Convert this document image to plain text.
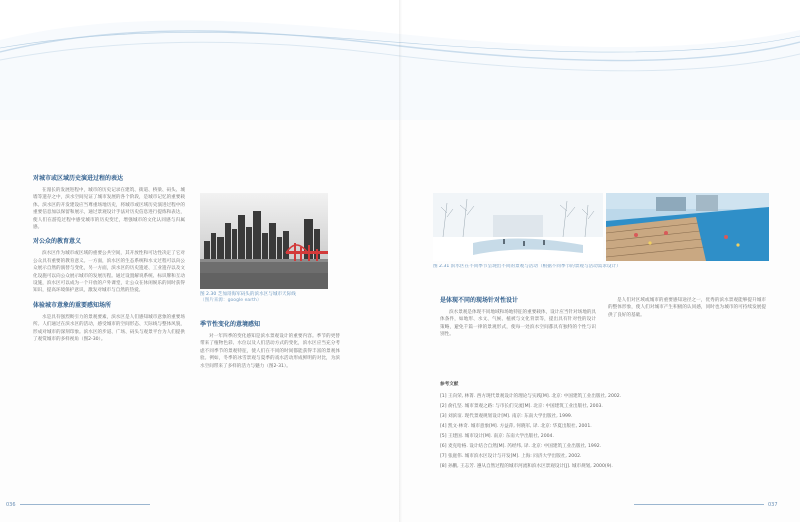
对城市或区域历史演进过程的表达

在漫长的发展进程中，城市的历史记录在建筑、街道、桥梁、码头、城墙等遗存之中，滨水空间见证了城市发展的各个阶段，是城市记忆的重要载体。滨水区的开发建设应当尊重场地历史，将城市或区域历史演进过程中的重要信息加以保留和展示，通过景观设计手法对历史信息进行提炼和表达，使人们在游览过程中感受城市的历史变迁，增强城市的文化认同感与归属感。

对公众的教育意义

滨水区作为城市或区域的重要公共空间，其开放性和可达性决定了它对公众具有重要的教育意义。一方面，滨水区的生态系统和水文过程可以向公众展示自然的演替与变化，另一方面，滨水区的历史遗迹、工业遗存以及文化设施可以向公众展示城市的发展历程。通过设置解说系统、标识牌和互动设施，滨水区可以成为一个开放的户外课堂，让公众在休闲娱乐的同时获得知识，提高环境保护意识，激发对城市与自然的热爱。

体验城市意象的重要感知场所

水是具有强烈吸引力的景观要素，滨水区是人们感知城市意象的重要场所。人们通过在滨水区的活动，感受城市的空间形态、天际线与整体风貌，形成对城市的深刻印象。滨水区的步道、广场、码头与观景平台为人们提供了观赏城市的多样视角（图2-30）。

图 2.30 芝加哥海军码头的滨水区与城市天际线
（图片来源：google earth）
季节性变化的意境感知

对一年四季的变化感知是滨水景观设计的重要内容。季节的更替带来了植物色彩、水位以及人们活动方式的变化，滨水区应当充分考虑不同季节的景观特征，使人们在不同的时间都能获得丰富的景观体验。例如，冬季的冰雪景观与夏季的戏水活动形成鲜明的对比，为滨水空间带来了多样的活力与魅力（图2-31）。

图 2.31 滨水区在不同季节呈现出不同的景观与活动（根据不同季节的景观与活动需求设计）
是体现不同的现场针对性设计

滨水景观是体现不同地域和场地特征的重要载体，设计应当针对场地的具体条件，如地形、水文、气候、植被与文化背景等，提出具有针对性的设计策略，避免千篇一律的景观形式，使每一处滨水空间都具有独特的个性与识别性。

是人们对区域或城市的重要感知途径之一，优秀的滨水景观能够提升城市的整体形象，使人们对城市产生积极的认同感，同时也为城市的可持续发展提供了良好的基础。

参考文献
[1] 王向荣, 林箐. 西方现代景观设计的理论与实践[M]. 北京: 中国建筑工业出版社, 2002.
[2] 俞孔坚. 城市景观之路: 与市长们交流[M]. 北京: 中国建筑工业出版社, 2003.
[3] 刘滨谊. 现代景观规划设计[M]. 南京: 东南大学出版社, 1999.
[4] 凯文·林奇. 城市意象[M]. 方益萍, 何晓军, 译. 北京: 华夏出版社, 2001.
[5] 王建国. 城市设计[M]. 南京: 东南大学出版社, 2004.
[6] 麦克哈格. 设计结合自然[M]. 芮经纬, 译. 北京: 中国建筑工业出版社, 1992.
[7] 张庭伟. 城市滨水区设计与开发[M]. 上海: 同济大学出版社, 2002.
[8] 孙鹏, 王志芳. 遵从自然过程的城市河流和滨水区景观设计[J]. 城市规划, 2000(9).
036	037
